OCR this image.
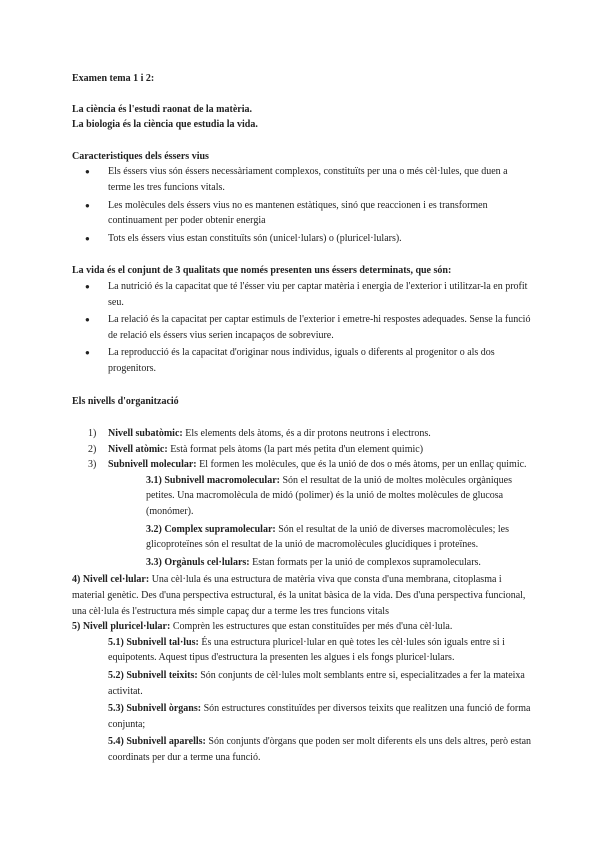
Examen tema 1 i 2:

La ciència és l'estudi raonat de la matèria.

La biologia és la ciència que estudia la vida.

Caracteristiques dels éssers vius

● Els éssers vius són éssers necessàriament complexos, constituïts per una o més cèl·lules, que duen a terme les tres funcions vitals.
● Les molècules dels éssers vius no es mantenen estàtiques, sinó que reaccionen i es transformen continuament per poder obtenir energia
● Tots els éssers vius estan constituïts són (unicel·lulars) o (pluricel·lulars).

La vida és el conjunt de 3 qualitats que només presenten uns éssers determinats, que són:

● La nutrició és la capacitat que té l'ésser viu per captar matèria i energia de l'exterior i utilitzar-la en profit seu.
● La relació és la capacitat per captar estimuls de l'exterior i emetre-hi respostes adequades. Sense la funció de relació els éssers vius serien incapaços de sobreviure.
● La reproducció és la capacitat d'originar nous individus, iguals o diferents al progenitor o als dos progenitors.

Els nivells d'organització

1) Nivell subatòmic: Els elements dels àtoms, és a dir protons neutrons i electrons.
2) Nivell atòmic: Està format pels àtoms (la part més petita d'un element quimic)
3) Subnivell molecular: El formen les molècules, que és la unió de dos o més àtoms, per un enllaç quimic.
3.1) Subnivell macromolecular: Són el resultat de la unió de moltes molècules orgàniques petites. Una macromolècula de midó (polimer) és la unió de moltes molècules de glucosa (monómer).
3.2) Complex supramolecular: Són el resultat de la unió de diverses macromolècules; les glicoproteïnes són el resultat de la unió de macromolècules glucídiques i proteïnes.
3.3) Orgànuls cel·lulars: Estan formats per la unió de complexos supramoleculars.

4) Nivell cel·lular: Una cèl·lula és una estructura de matèria viva que consta d'una membrana, citoplasma i material genètic. Des d'una perspectiva estructural, és la unitat bàsica de la vida. Des d'una perspectiva funcional, una cèl·lula és l'estructura més simple capaç dur a terme les tres funcions vitals

5) Nivell pluricel·lular: Comprèn les estructures que estan constituïdes per més d'una cèl·lula.

5.1) Subnivell tal·lus: És una estructura pluricel·lular en què totes les cèl·lules són iguals entre si i equipotents. Aquest tipus d'estructura la presenten les algues i els fongs pluricel·lulars.
5.2) Subnivell teixits: Són conjunts de cèl·lules molt semblants entre si, especialitzades a fer la mateixa activitat.
5.3) Subnivell òrgans: Són estructures constituïdes per diversos teixits que realitzen una funció de forma conjunta;
5.4) Subnivell aparells: Són conjunts d'òrgans que poden ser molt diferents els uns dels altres, però estan coordinats per dur a terme una funció.
